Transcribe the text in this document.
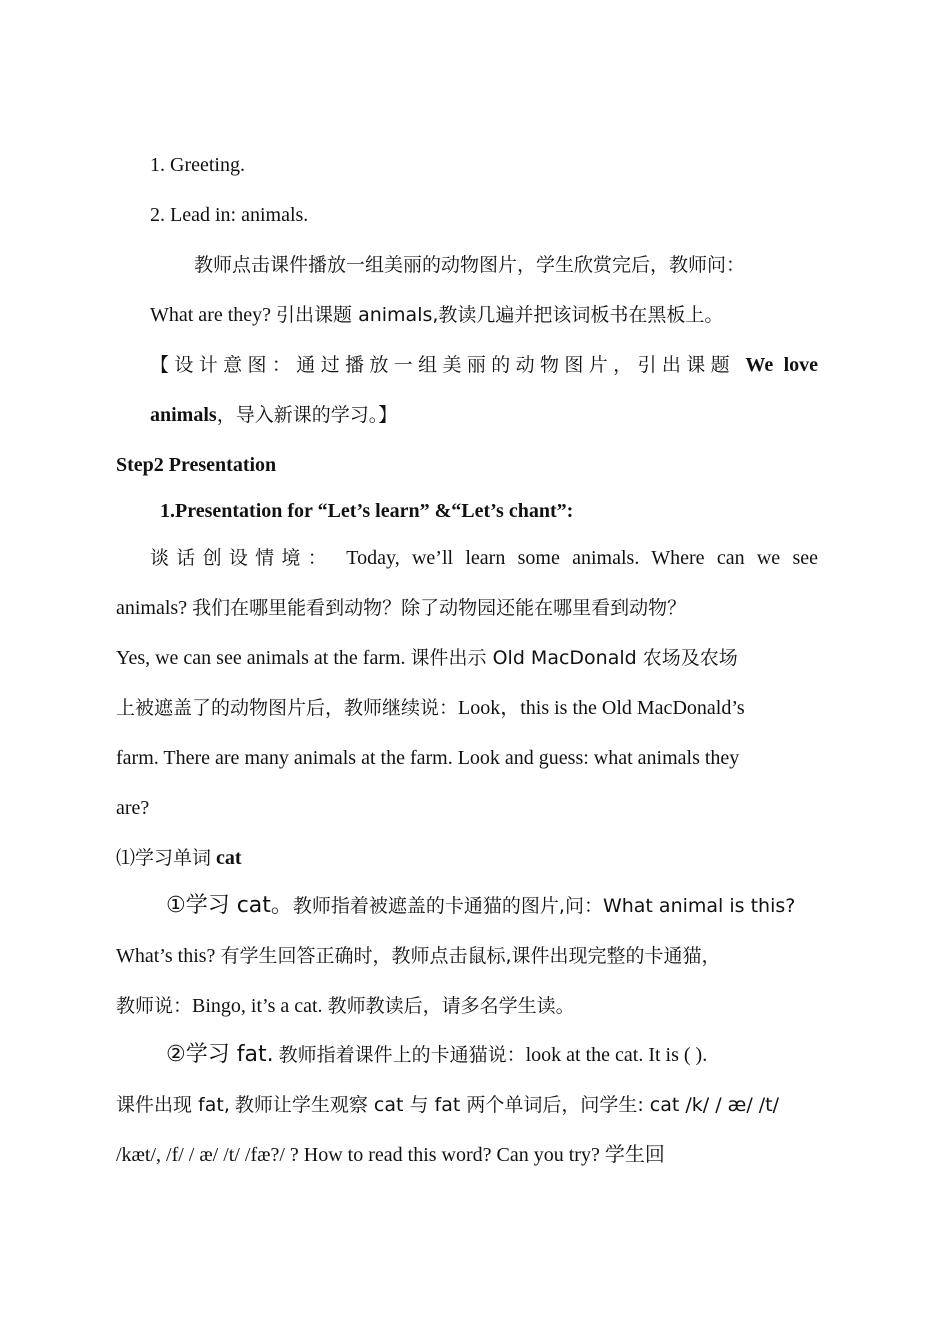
1. Greeting.
2. Lead in: animals.
教师点击课件播放一组美丽的动物图片，学生欣赏完后，教师问：
What are they? 引出课题 animals,教读几遍并把该词板书在黑板上。
【设计意图：通过播放一组美丽的动物图片，引出课题 We love
animals，导入新课的学习。】
Step2 Presentation
1.Presentation for “Let’s learn” &“Let’s chant”:
谈话创设情境： Today, we’ll learn some animals. Where can we see
animals? 我们在哪里能看到动物？除了动物园还能在哪里看到动物？
Yes, we can see animals at the farm. 课件出示 Old MacDonald 农场及农场
上被遮盖了的动物图片后，教师继续说：Look，this is the Old MacDonald’s
farm. There are many animals at the farm. Look and guess: what animals they
are?
⑴学习单词 cat
①学习 cat。教师指着被遮盖的卡通猫的图片,问：What animal is this?
What’s this? 有学生回答正确时，教师点击鼠标,课件出现完整的卡通猫，
教师说：Bingo, it’s a cat. 教师教读后，请多名学生读。
②学习 fat. 教师指着课件上的卡通猫说：look at the cat. It is ( ).
课件出现 fat, 教师让学生观察 cat 与 fat 两个单词后，问学生: cat /k/ / æ/ /t/
/kæt/, /f/ / æ/ /t/ /fæ?/ ? How to read this word? Can you try? 学生回
